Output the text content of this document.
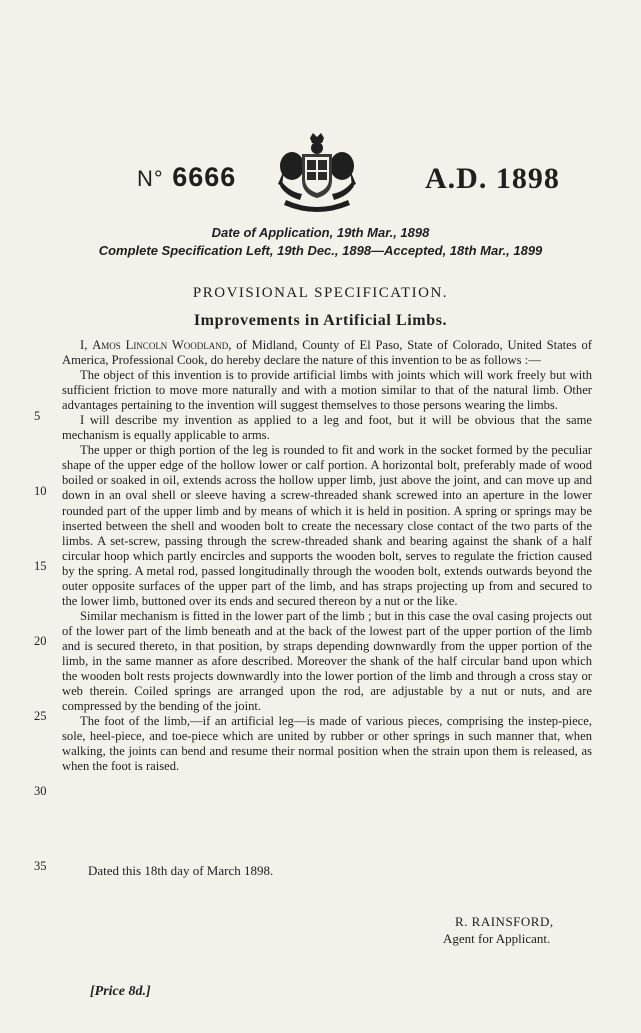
N° 6666	A.D. 1898
Date of Application, 19th Mar., 1898
Complete Specification Left, 19th Dec., 1898—Accepted, 18th Mar., 1899
PROVISIONAL SPECIFICATION.
Improvements in Artificial Limbs.

I, Amos Lincoln Woodland, of Midland, County of El Paso, State of Colorado, United States of America, Professional Cook, do hereby declare the nature of this invention to be as follows :—

The object of this invention is to provide artificial limbs with joints which will work freely but with sufficient friction to move more naturally and with a motion similar to that of the natural limb. Other advantages pertaining to the invention will suggest themselves to those persons wearing the limbs.

I will describe my invention as applied to a leg and foot, but it will be obvious that the same mechanism is equally applicable to arms.

The upper or thigh portion of the leg is rounded to fit and work in the socket formed by the peculiar shape of the upper edge of the hollow lower or calf portion. A horizontal bolt, preferably made of wood boiled or soaked in oil, extends across the hollow upper limb, just above the joint, and can move up and down in an oval shell or sleeve having a screw-threaded shank screwed into an aperture in the lower rounded part of the upper limb and by means of which it is held in position. A spring or springs may be inserted between the shell and wooden bolt to create the necessary close contact of the two parts of the limbs. A set-screw, passing through the screw-threaded shank and bearing against the shank of a half circular hoop which partly encircles and supports the wooden bolt, serves to regulate the friction caused by the spring. A metal rod, passed longitudinally through the wooden bolt, extends outwards beyond the outer opposite surfaces of the upper part of the limb, and has straps projecting up from and secured to the lower limb, buttoned over its ends and secured thereon by a nut or the like.

Similar mechanism is fitted in the lower part of the limb ; but in this case the oval casing projects out of the lower part of the limb beneath and at the back of the lowest part of the upper portion of the limb and is secured thereto, in that position, by straps depending downwardly from the upper portion of the limb, in the same manner as afore described. Moreover the shank of the half circular band upon which the wooden bolt rests projects downwardly into the lower portion of the limb and through a cross stay or web therein. Coiled springs are arranged upon the rod, are adjustable by a nut or nuts, and are compressed by the bending of the joint.

The foot of the limb,—if an artificial leg—is made of various pieces, comprising the instep-piece, sole, heel-piece, and toe-piece which are united by rubber or other springs in such manner that, when walking, the joints can bend and resume their normal position when the strain upon them is released, as when the foot is raised.

5
10
15
20
25
30
35	Dated this 18th day of March 1898.
R. RAINSFORD,
Agent for Applicant.
[Price 8d.]
